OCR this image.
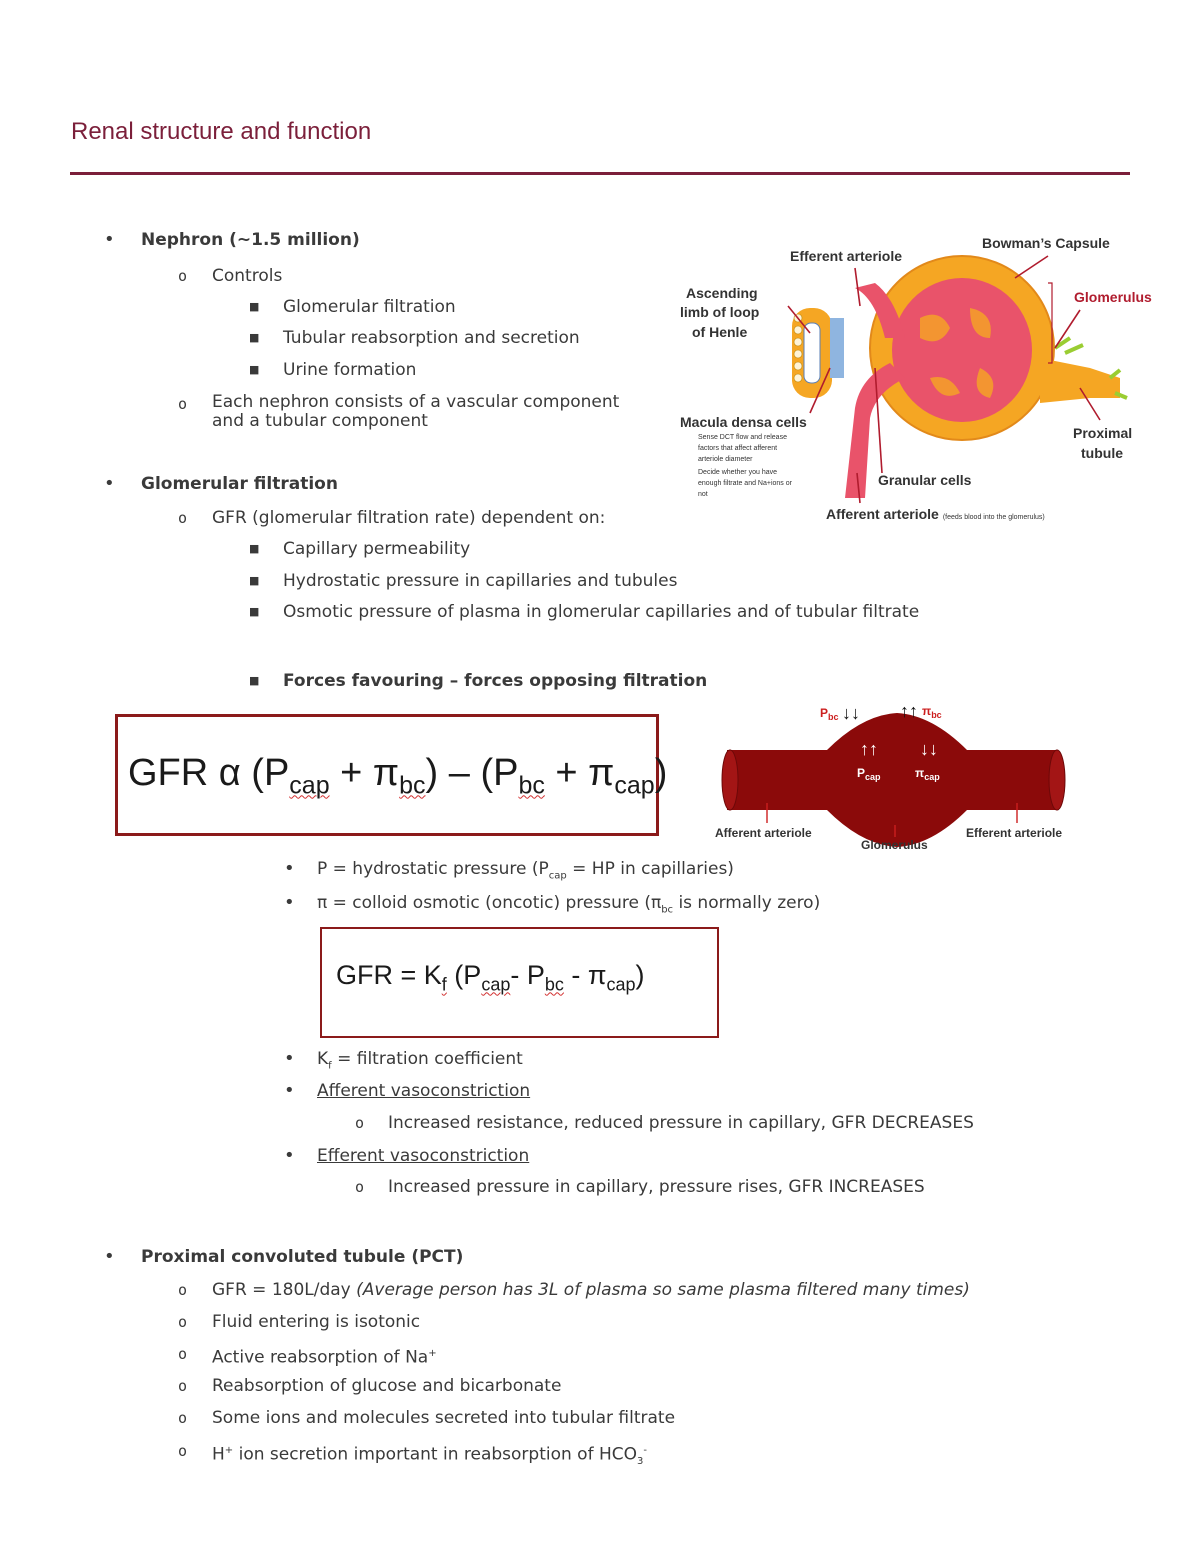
Renal structure and function
• Nephron (~1.5 million)
o Controls
■ Glomerular filtration
■ Tubular reabsorption and secretion
■ Urine formation
o Each nephron consists of a vascular component
and a tubular component
• Glomerular filtration
o GFR (glomerular filtration rate) dependent on:
■ Capillary permeability
■ Hydrostatic pressure in capillaries and tubules
■ Osmotic pressure of plasma in glomerular capillaries and of tubular filtrate
■ Forces favouring – forces opposing filtration
GFR α $(P_{cap} + \pi_{bc}) - (P_{bc} + \pi_{cap})$
• P = hydrostatic pressure ($P_{cap}$ = HP in capillaries)
• π = colloid osmotic (oncotic) pressure ($\pi_{bc}$ is normally zero)
GFR = $K_f$ ($P_{cap}-$ $P_{bc} - \pi_{cap}$)
• $K_f$ = filtration coefficient
• Afferent vasoconstriction
o Increased resistance, reduced pressure in capillary, GFR DECREASES
• Efferent vasoconstriction
o Increased pressure in capillary, pressure rises, GFR INCREASES
• Proximal convoluted tubule (PCT)
o GFR = 180L/day (Average person has 3L of plasma so same plasma filtered many times)
o Fluid entering is isotonic
o Active reabsorption of Na+
o Reabsorption of glucose and bicarbonate
o Some ions and molecules secreted into tubular filtrate
o H+ ion secretion important in reabsorption of $HCO_3^-$
Efferent arteriole
Bowman’s Capsule
Glomerulus
Ascending
limb of loop
of Henle
Macula densa cells
Sense DCT flow and release
factors that affect afferent
arteriole diameter
Decide whether you have
enough filtrate and Na+ions or
not
Proximal
tubule
Granular cells
Afferent arteriole (feeds blood into the glomerulus)
$P_{bc}$ ↓↓ ↑↑ $\pi_{bc}$
↑↑ ↓↓
$P_{cap}$	$\pi_{cap}$
Afferent arteriole
Glomerulus
Efferent arteriole
